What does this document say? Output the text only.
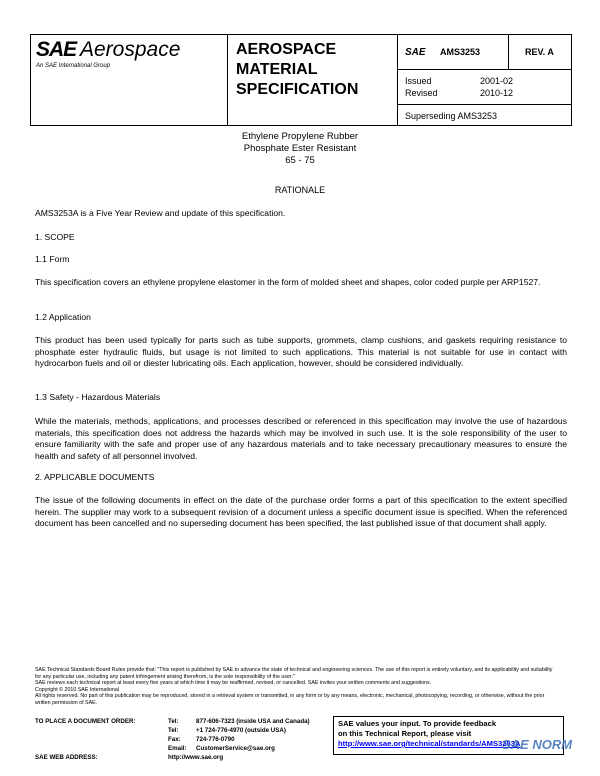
SAE Aerospace
An SAE International Group
AEROSPACE
MATERIAL
SPECIFICATION
SAE AMS3253	REV. A
Issued	2001-02
Revised	2010-12
Superseding AMS3253
Ethylene Propylene Rubber
Phosphate Ester Resistant
65 - 75
RATIONALE
AMS3253A is a Five Year Review and update of this specification.
1. SCOPE
1.1 Form
This specification covers an ethylene propylene elastomer in the form of molded sheet and shapes, color coded purple per ARP1527.
1.2 Application
This product has been used typically for parts such as tube supports, grommets, clamp cushions, and gaskets requiring resistance to phosphate ester hydraulic fluids, but usage is not limited to such applications. This material is not suitable for use in contact with hydrocarbon fuels and oil or diester lubricating oils. Each application, however, should be considered individually.
1.3 Safety - Hazardous Materials
While the materials, methods, applications, and processes described or referenced in this specification may involve the use of hazardous materials, this specification does not address the hazards which may be involved in such use. It is the sole responsibility of the user to ensure familiarity with the safe and proper use of any hazardous materials and to take necessary precautionary measures to ensure the health and safety of all personnel involved.
2. APPLICABLE DOCUMENTS
The issue of the following documents in effect on the date of the purchase order forms a part of this specification to the extent specified herein. The supplier may work to a subsequent revision of a document unless a specific document issue is specified. When the referenced document has been cancelled and no superseding document has been specified, the last published issue of that document shall apply.
SAE Technical Standards Board Rules provide that: "This report is published by SAE to advance the state of technical and engineering sciences. The use of this report is entirely voluntary, and its applicability and suitability for any particular use, including any patent infringement arising therefrom, is the sole responsibility of the user."
SAE reviews each technical report at least every five years at which time it may be reaffirmed, revised, or cancelled. SAE invites your written comments and suggestions.
Copyright © 2010 SAE International
All rights reserved. No part of this publication may be reproduced, stored in a retrieval system or transmitted, in any form or by any means, electronic, mechanical, photocopying, recording, or otherwise, without the prior written permission of SAE.
TO PLACE A DOCUMENT ORDER:
SAE WEB ADDRESS:
Tel:	877-606-7323 (inside USA and Canada)
Tel:	+1 724-776-4970 (outside USA)
Fax: 724-776-0790
Email: CustomerService@sae.org
http://www.sae.org
SAE values your input. To provide feedback
on this Technical Report, please visit
http://www.sae.org/technical/standards/AMS3253A
SAE NORM
